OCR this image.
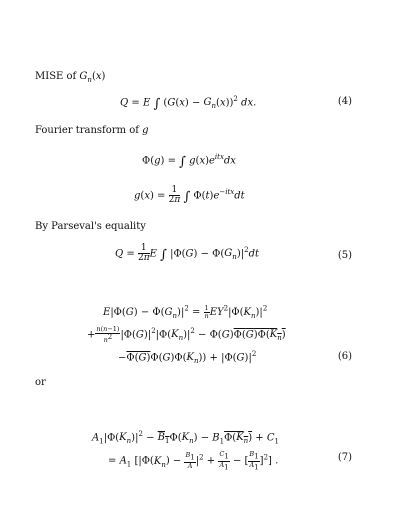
MISE of $G_n(x)$
Q = E ∫ $(G(x) - G_n(x))^2$ dx.	(4)
Fourier transform of g
Φ(g) = ∫ $g(x)e^{itx}dx$
$g(x) = \frac{1}{2\pi}$ ∫ $\Phi(t)e^{-itx}dt$
By Parseval's equality
$Q = \frac{1}{2\pi}$ E ∫ $|\Phi(G) - \Phi(G_n)|^2dt$	(5)
$E|\Phi(G) - \Phi(G_n)|^2 = \frac{1}{n} EY^2|\Phi(K_n)|^2$
+ $\frac{n(n-1)}{n^2} |\Phi(G)|^2|\Phi(K_n)|^2 - \Phi(G)\Phi(G)\Phi(K_n)$
$-\Phi(G)\Phi(G)\Phi(K_n)) + |\Phi(G)|^2$	(6)
or
$A_1|\Phi(K_n)|^2 - B_1\Phi(K_n) - B_1\Phi(K_n) + C_1$
= $A_1$ [$|\Phi(K_n) - \frac{B_1}{A} |^2 + \frac{C_1}{A_1}$ − [ $\frac{B_1}{A_1} ]^2$] .	(7)
